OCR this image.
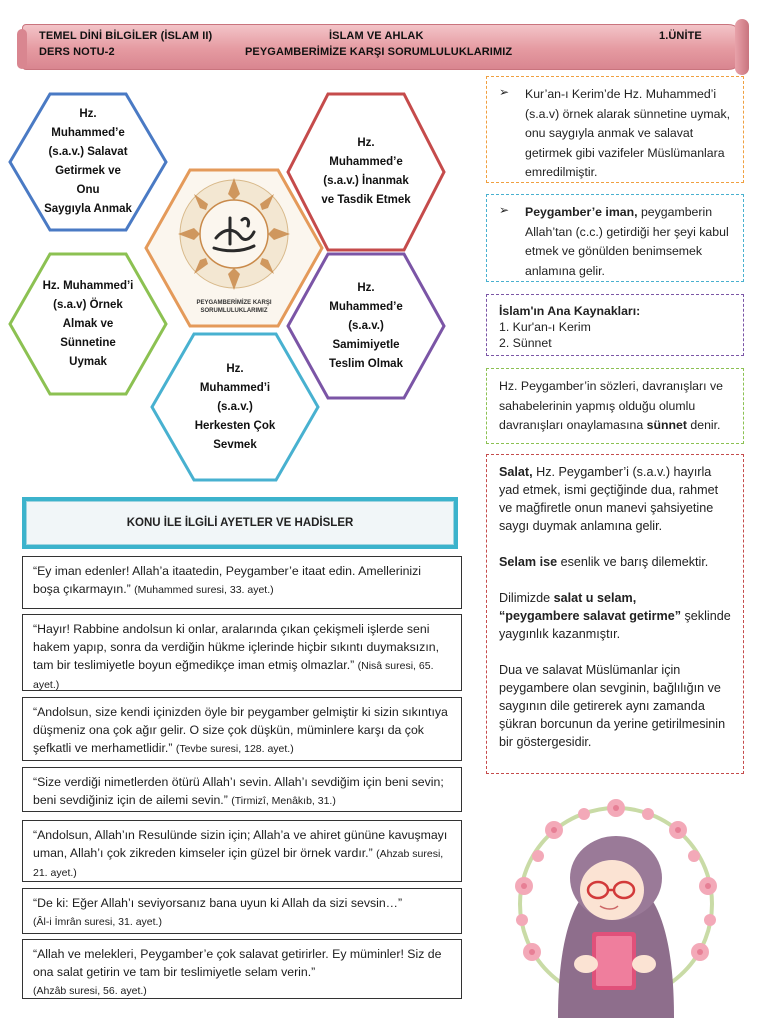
TEMEL DİNİ BİLGİLER (İSLAM II)
DERS NOTU-2
İSLAM VE AHLAK
PEYGAMBERİMİZE KARŞI SORUMLULUKLARIMIZ
1.ÜNİTE
Hz. Muhammed’e
(s.a.v.) Salavat
Getirmek ve Onu
Saygıyla Anmak
Hz.
Muhammed’e
(s.a.v.) İnanmak
ve Tasdik Etmek
Hz. Muhammed’i
(s.a.v) Örnek
Almak ve
Sünnetine Uymak
Hz.
Muhammed’e
(s.a.v.)
Samimiyetle
Teslim Olmak
Hz.
Muhammed’i
(s.a.v.)
Herkesten Çok
Sevmek
PEYGAMBERİMİZE KARŞI
SORUMLULUKLARIMIZ
➢ Kur’an-ı Kerim’de Hz. Muhammed’i (s.a.v) örnek alarak sünnetine uymak, onu saygıyla anmak ve salavat getirmek gibi vazifeler Müslümanlara emredilmiştir.
➢ Peygamber’e iman, peygamberin Allah’tan (c.c.) getirdiği her şeyi kabul etmek ve gönülden benimsemek anlamına gelir.
İslam'ın Ana Kaynakları:
1. Kur'an-ı Kerim
2. Sünnet
Hz. Peygamber’in sözleri, davranışları ve sahabelerinin yapmış olduğu olumlu davranışları onaylamasına sünnet denir.

Salat, Hz. Peygamber’i (s.a.v.) hayırla yad etmek, ismi geçtiğinde dua, rahmet ve mağfiretle onun manevi şahsiyetine saygı duymak anlamına gelir.

Selam ise esenlik ve barış dilemektir.

Dilimizde salat u selam,
“peygambere salavat getirme” şeklinde yaygınlık kazanmıştır.

Dua ve salavat Müslümanlar için peygambere olan sevginin, bağlılığın ve saygının dile getirerek aynı zamanda şükran borcunun da yerine getirilmesinin bir göstergesidir.

KONU İLE İLGİLİ AYETLER VE HADİSLER
“Ey iman edenler! Allah’a itaatedin, Peygamber’e itaat edin. Amellerinizi boşa çıkarmayın.” (Muhammed suresi, 33. ayet.)
“Hayır! Rabbine andolsun ki onlar, aralarında çıkan çekişmeli işlerde seni hakem yapıp, sonra da verdiğin hükme içlerinde hiçbir sıkıntı duymaksızın, tam bir teslimiyetle boyun eğmedikçe iman etmiş olmazlar.” (Nisâ suresi, 65. ayet.)
“Andolsun, size kendi içinizden öyle bir peygamber gelmiştir ki sizin sıkıntıya düşmeniz ona çok ağır gelir. O size çok düşkün, müminlere karşı da çok şefkatli ve merhametlidir.” (Tevbe suresi, 128. ayet.)
“Size verdiği nimetlerden ötürü Allah’ı sevin. Allah’ı sevdiğim için beni sevin; beni sevdiğiniz için de ailemi sevin.” (Tirmizî, Menâkıb, 31.)
“Andolsun, Allah’ın Resulünde sizin için; Allah’a ve ahiret gününe kavuşmayı uman, Allah’ı çok zikreden kimseler için güzel bir örnek vardır.” (Ahzab suresi, 21. ayet.)
“De ki: Eğer Allah’ı seviyorsanız bana uyun ki Allah da sizi sevsin…”
(Âl-i İmrân suresi, 31. ayet.)
“Allah ve melekleri, Peygamber’e çok salavat getirirler. Ey müminler! Siz de ona salat getirin ve tam bir teslimiyetle selam verin.”
(Ahzâb suresi, 56. ayet.)
